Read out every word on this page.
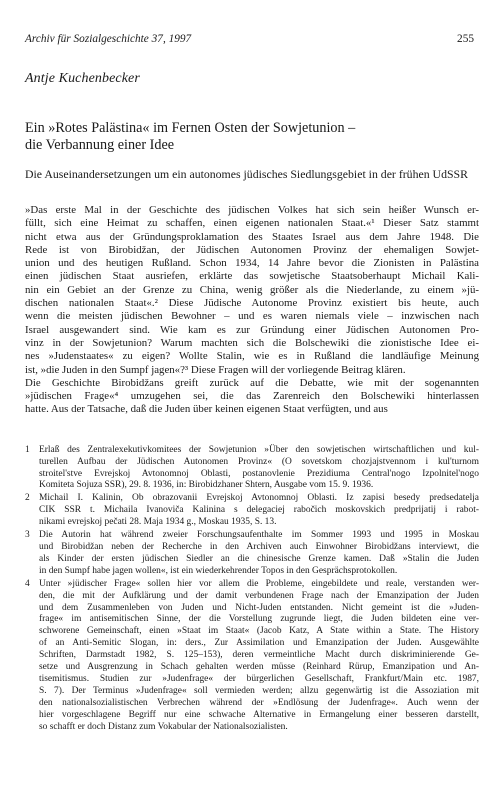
Archiv für Sozialgeschichte 37, 1997	255
Antje Kuchenbecker
Ein »Rotes Palästina« im Fernen Osten der Sowjetunion –
die Verbannung einer Idee
Die Auseinandersetzungen um ein autonomes jüdisches Siedlungsgebiet in der frühen UdSSR
»Das erste Mal in der Geschichte des jüdischen Volkes hat sich sein heißer Wunsch er-
füllt, sich eine Heimat zu schaffen, einen eigenen nationalen Staat.«¹ Dieser Satz stammt
nicht etwa aus der Gründungsproklamation des Staates Israel aus dem Jahre 1948. Die
Rede ist von Birobidžan, der Jüdischen Autonomen Provinz der ehemaligen Sowjet-
union und des heutigen Rußland. Schon 1934, 14 Jahre bevor die Zionisten in Palästina
einen jüdischen Staat ausriefen, erklärte das sowjetische Staatsoberhaupt Michail Kali-
nin ein Gebiet an der Grenze zu China, wenig größer als die Niederlande, zu einem »jü-
dischen nationalen Staat«.² Diese Jüdische Autonome Provinz existiert bis heute, auch
wenn die meisten jüdischen Bewohner – und es waren niemals viele – inzwischen nach
Israel ausgewandert sind. Wie kam es zur Gründung einer Jüdischen Autonomen Pro-
vinz in der Sowjetunion? Warum machten sich die Bolschewiki die zionistische Idee ei-
nes »Judenstaates« zu eigen? Wollte Stalin, wie es in Rußland die landläufige Meinung
ist, »die Juden in den Sumpf jagen«?³ Diese Fragen will der vorliegende Beitrag klären.
Die Geschichte Birobidžans greift zurück auf die Debatte, wie mit der sogenannten
»jüdischen Frage«⁴ umzugehen sei, die das Zarenreich den Bolschewiki hinterlassen
hatte. Aus der Tatsache, daß die Juden über keinen eigenen Staat verfügten, und aus
1 Erlaß des Zentralexekutivkomitees der Sowjetunion »Über den sowjetischen wirtschaftlichen und kul-
turellen Aufbau der Jüdischen Autonomen Provinz« (O sovetskom chozjajstvennom i kul'turnom
stroitel'stve Evrejskoj Avtonomnoj Oblasti, postanovlenie Prezidiuma Central'nogo Izpolnitel'nogo
Komiteta Sojuza SSR), 29. 8. 1936, in: Birobidzhaner Shtern, Ausgabe vom 15. 9. 1936.
2 Michail I. Kalinin, Ob obrazovanii Evrejskoj Avtonomnoj Oblasti. Iz zapisi besedy predsedatelja
CIK SSR t. Michaila Ivanoviča Kalinina s delegaciej rabočich moskovskich predprijatij i rabot-
nikami evrejskoj pečati 28. Maja 1934 g., Moskau 1935, S. 13.
3 Die Autorin hat während zweier Forschungsaufenthalte im Sommer 1993 und 1995 in Moskau
und Birobidžan neben der Recherche in den Archiven auch Einwohner Birobidžans interviewt, die
als Kinder der ersten jüdischen Siedler an die chinesische Grenze kamen. Daß »Stalin die Juden
in den Sumpf habe jagen wollen«, ist ein wiederkehrender Topos in den Gesprächsprotokollen.
4 Unter »jüdischer Frage« sollen hier vor allem die Probleme, eingebildete und reale, verstanden wer-
den, die mit der Aufklärung und der damit verbundenen Frage nach der Emanzipation der Juden
und dem Zusammenleben von Juden und Nicht-Juden entstanden. Nicht gemeint ist die »Juden-
frage« im antisemitischen Sinne, der die Vorstellung zugrunde liegt, die Juden bildeten eine ver-
schworene Gemeinschaft, einen »Staat im Staat« (Jacob Katz, A State within a State. The History
of an Anti-Semitic Slogan, in: ders., Zur Assimilation und Emanzipation der Juden. Ausgewählte
Schriften, Darmstadt 1982, S. 125–153), deren vermeintliche Macht durch diskriminierende Ge-
setze und Ausgrenzung in Schach gehalten werden müsse (Reinhard Rürup, Emanzipation und An-
tisemitismus. Studien zur »Judenfrage« der bürgerlichen Gesellschaft, Frankfurt/Main etc. 1987,
S. 7). Der Terminus »Judenfrage« soll vermieden werden; allzu gegenwärtig ist die Assoziation mit
den nationalsozialistischen Verbrechen während der »Endlösung der Judenfrage«. Auch wenn der
hier vorgeschlagene Begriff nur eine schwache Alternative in Ermangelung einer besseren darstellt,
so schafft er doch Distanz zum Vokabular der Nationalsozialisten.
